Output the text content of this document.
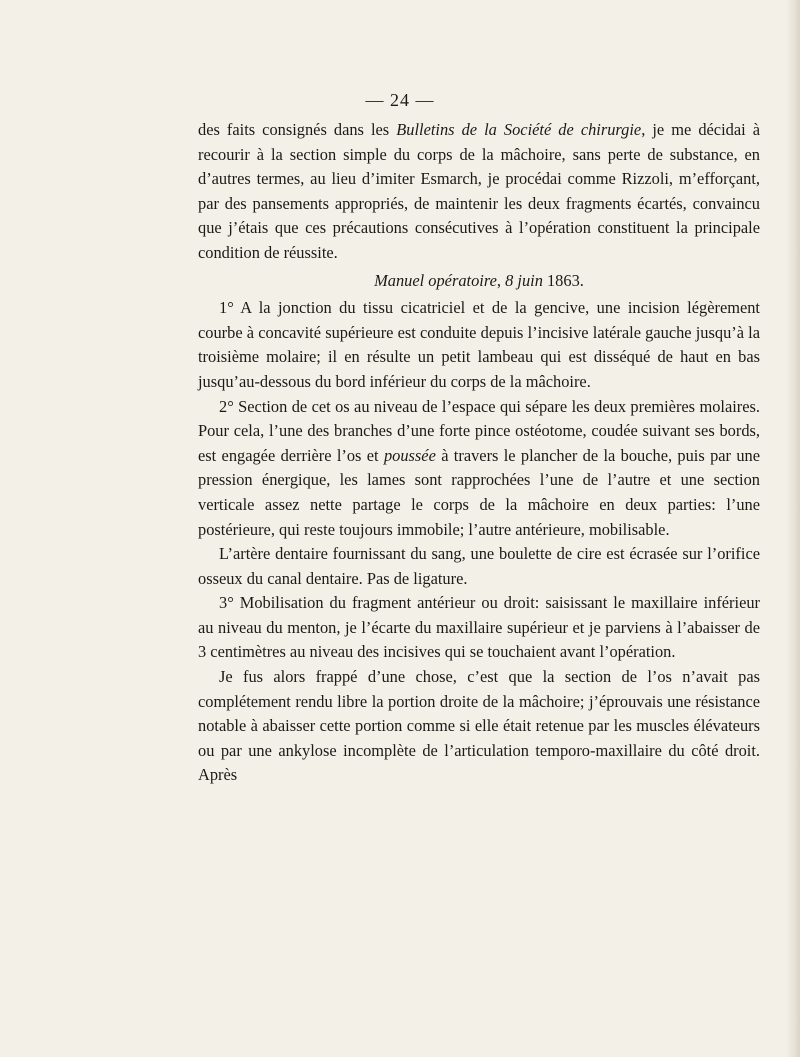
— 24 —

des faits consignés dans les Bulletins de la Société de chirurgie, je me décidai à recourir à la section simple du corps de la mâchoire, sans perte de substance, en d’autres termes, au lieu d’imiter Esmarch, je procédai comme Rizzoli, m’efforçant, par des pansements appropriés, de maintenir les deux fragments écartés, convaincu que j’étais que ces précautions consécutives à l’opération constituent la principale condition de réussite.

Manuel opératoire, 8 juin 1863.

1° A la jonction du tissu cicatriciel et de la gencive, une incision légèrement courbe à concavité supérieure est conduite depuis l’incisive latérale gauche jusqu’à la troisième molaire; il en résulte un petit lambeau qui est disséqué de haut en bas jusqu’au-dessous du bord inférieur du corps de la mâchoire.

2° Section de cet os au niveau de l’espace qui sépare les deux premières molaires. Pour cela, l’une des branches d’une forte pince ostéotome, coudée suivant ses bords, est engagée derrière l’os et poussée à travers le plancher de la bouche, puis par une pression énergique, les lames sont rapprochées l’une de l’autre et une section verticale assez nette partage le corps de la mâchoire en deux parties: l’une postérieure, qui reste toujours immobile; l’autre antérieure, mobilisable.

L’artère dentaire fournissant du sang, une boulette de cire est écrasée sur l’orifice osseux du canal dentaire. Pas de ligature.

3° Mobilisation du fragment antérieur ou droit: saisissant le maxillaire inférieur au niveau du menton, je l’écarte du maxillaire supérieur et je parviens à l’abaisser de 3 centimètres au niveau des incisives qui se touchaient avant l’opération.

Je fus alors frappé d’une chose, c’est que la section de l’os n’avait pas complétement rendu libre la portion droite de la mâchoire; j’éprouvais une résistance notable à abaisser cette portion comme si elle était retenue par les muscles élévateurs ou par une ankylose incomplète de l’articulation temporo-maxillaire du côté droit. Après
